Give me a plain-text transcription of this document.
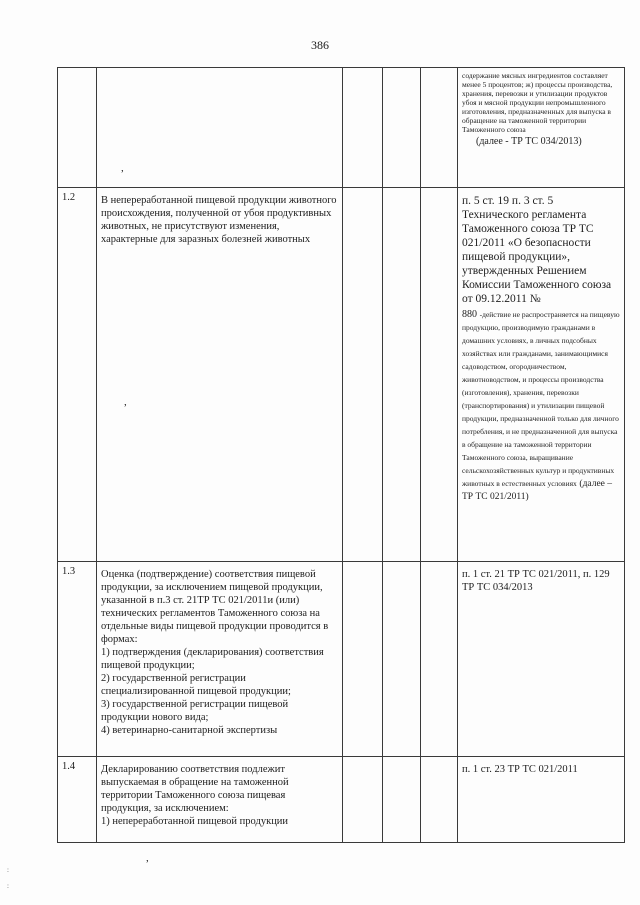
386

					содержание мясных ингредиентов составляет менее 5 процентов; ж) процессы производства, хранения, перевозки и утилизации продуктов убоя и мясной продукции непромышленного изготовления, предназначенных для выпуска в обращение на таможенной территории Таможенного союза
(далее - ТР ТС 034/2013)

1.2	В непереработанной пищевой продукции животного происхождения, полученной от убоя продуктивных животных, не присутствуют изменения, характерные для заразных болезней животных				п. 5 ст. 19 п. 3 ст. 5 Технического регламента Таможенного союза ТР ТС 021/2011 «О безопасности пищевой продукции», утвержденных Решением Комиссии Таможенного союза от 09.12.2011 №
880 -действие не распространяется на пищевую продукцию, производимую гражданами в домашних условиях, в личных подсобных хозяйствах или гражданами, занимающимися садоводством, огородничеством, животноводством, и процессы производства (изготовления), хранения, перевозки (транспортирования) и утилизации пищевой продукции, предназначенной только для личного потребления, и не предназначенной для выпуска в обращение на таможенной территории Таможенного союза, выращивание сельскохозяйственных культур и продуктивных животных в естественных условиях (далее – ТР ТС 021/2011)

1.3	Оценка (подтверждение) соответствия пищевой продукции, за исключением пищевой продукции, указанной в п.3 ст. 21ТР ТС 021/2011и (или) технических регламентов Таможенного союза на отдельные виды пищевой продукции проводится в формах:
1) подтверждения (декларирования) соответствия пищевой продукции;
2) государственной регистрации специализированной пищевой продукции;
3) государственной регистрации пищевой продукции нового вида;
4) ветеринарно-санитарной экспертизы				п. 1 ст. 21 ТР ТС 021/2011, п. 129 ТР ТС 034/2013
1.4	Декларированию соответствия подлежит выпускаемая в обращение на таможенной территории Таможенного союза пищевая продукция, за исключением:
1) непереработанной пищевой продукции				п. 1 ст. 23 ТР ТС 021/2011
,
,
,
:
:
